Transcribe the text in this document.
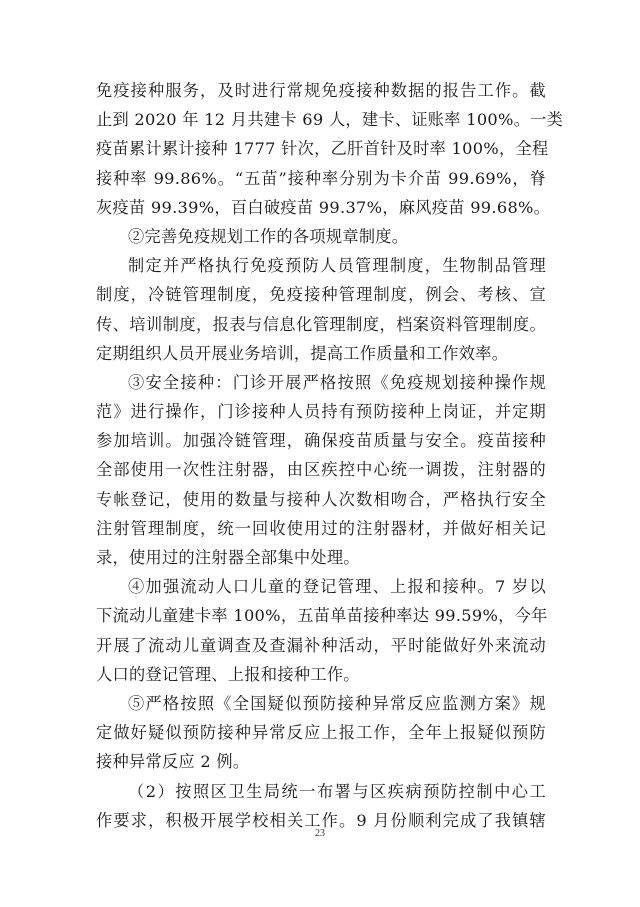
免疫接种服务，及时进行常规免疫接种数据的报告工作。截
止到 2020 年 12 月共建卡 69 人，建卡、证账率 100%。一类
疫苗累计累计接种 1777 针次，乙肝首针及时率 100%，全程
接种率 99.86%。“五苗”接种率分别为卡介苗 99.69%，脊
灰疫苗 99.39%，百白破疫苗 99.37%，麻风疫苗 99.68%。
②完善免疫规划工作的各项规章制度。
制定并严格执行免疫预防人员管理制度，生物制品管理
制度，冷链管理制度，免疫接种管理制度，例会、考核、宣
传、培训制度，报表与信息化管理制度，档案资料管理制度。
定期组织人员开展业务培训，提高工作质量和工作效率。
③安全接种：门诊开展严格按照《免疫规划接种操作规
范》进行操作，门诊接种人员持有预防接种上岗证，并定期
参加培训。加强冷链管理，确保疫苗质量与安全。疫苗接种
全部使用一次性注射器，由区疾控中心统一调拨，注射器的
专帐登记，使用的数量与接种人次数相吻合，严格执行安全
注射管理制度，统一回收使用过的注射器材，并做好相关记
录，使用过的注射器全部集中处理。
④加强流动人口儿童的登记管理、上报和接种。7 岁以
下流动儿童建卡率 100%，五苗单苗接种率达 99.59%，今年
开展了流动儿童调查及查漏补种活动，平时能做好外来流动
人口的登记管理、上报和接种工作。
⑤严格按照《全国疑似预防接种异常反应监测方案》规
定做好疑似预防接种异常反应上报工作，全年上报疑似预防
接种异常反应 2 例。
（2）按照区卫生局统一布署与区疾病预防控制中心工
作要求，积极开展学校相关工作。9 月份顺利完成了我镇辖
23
